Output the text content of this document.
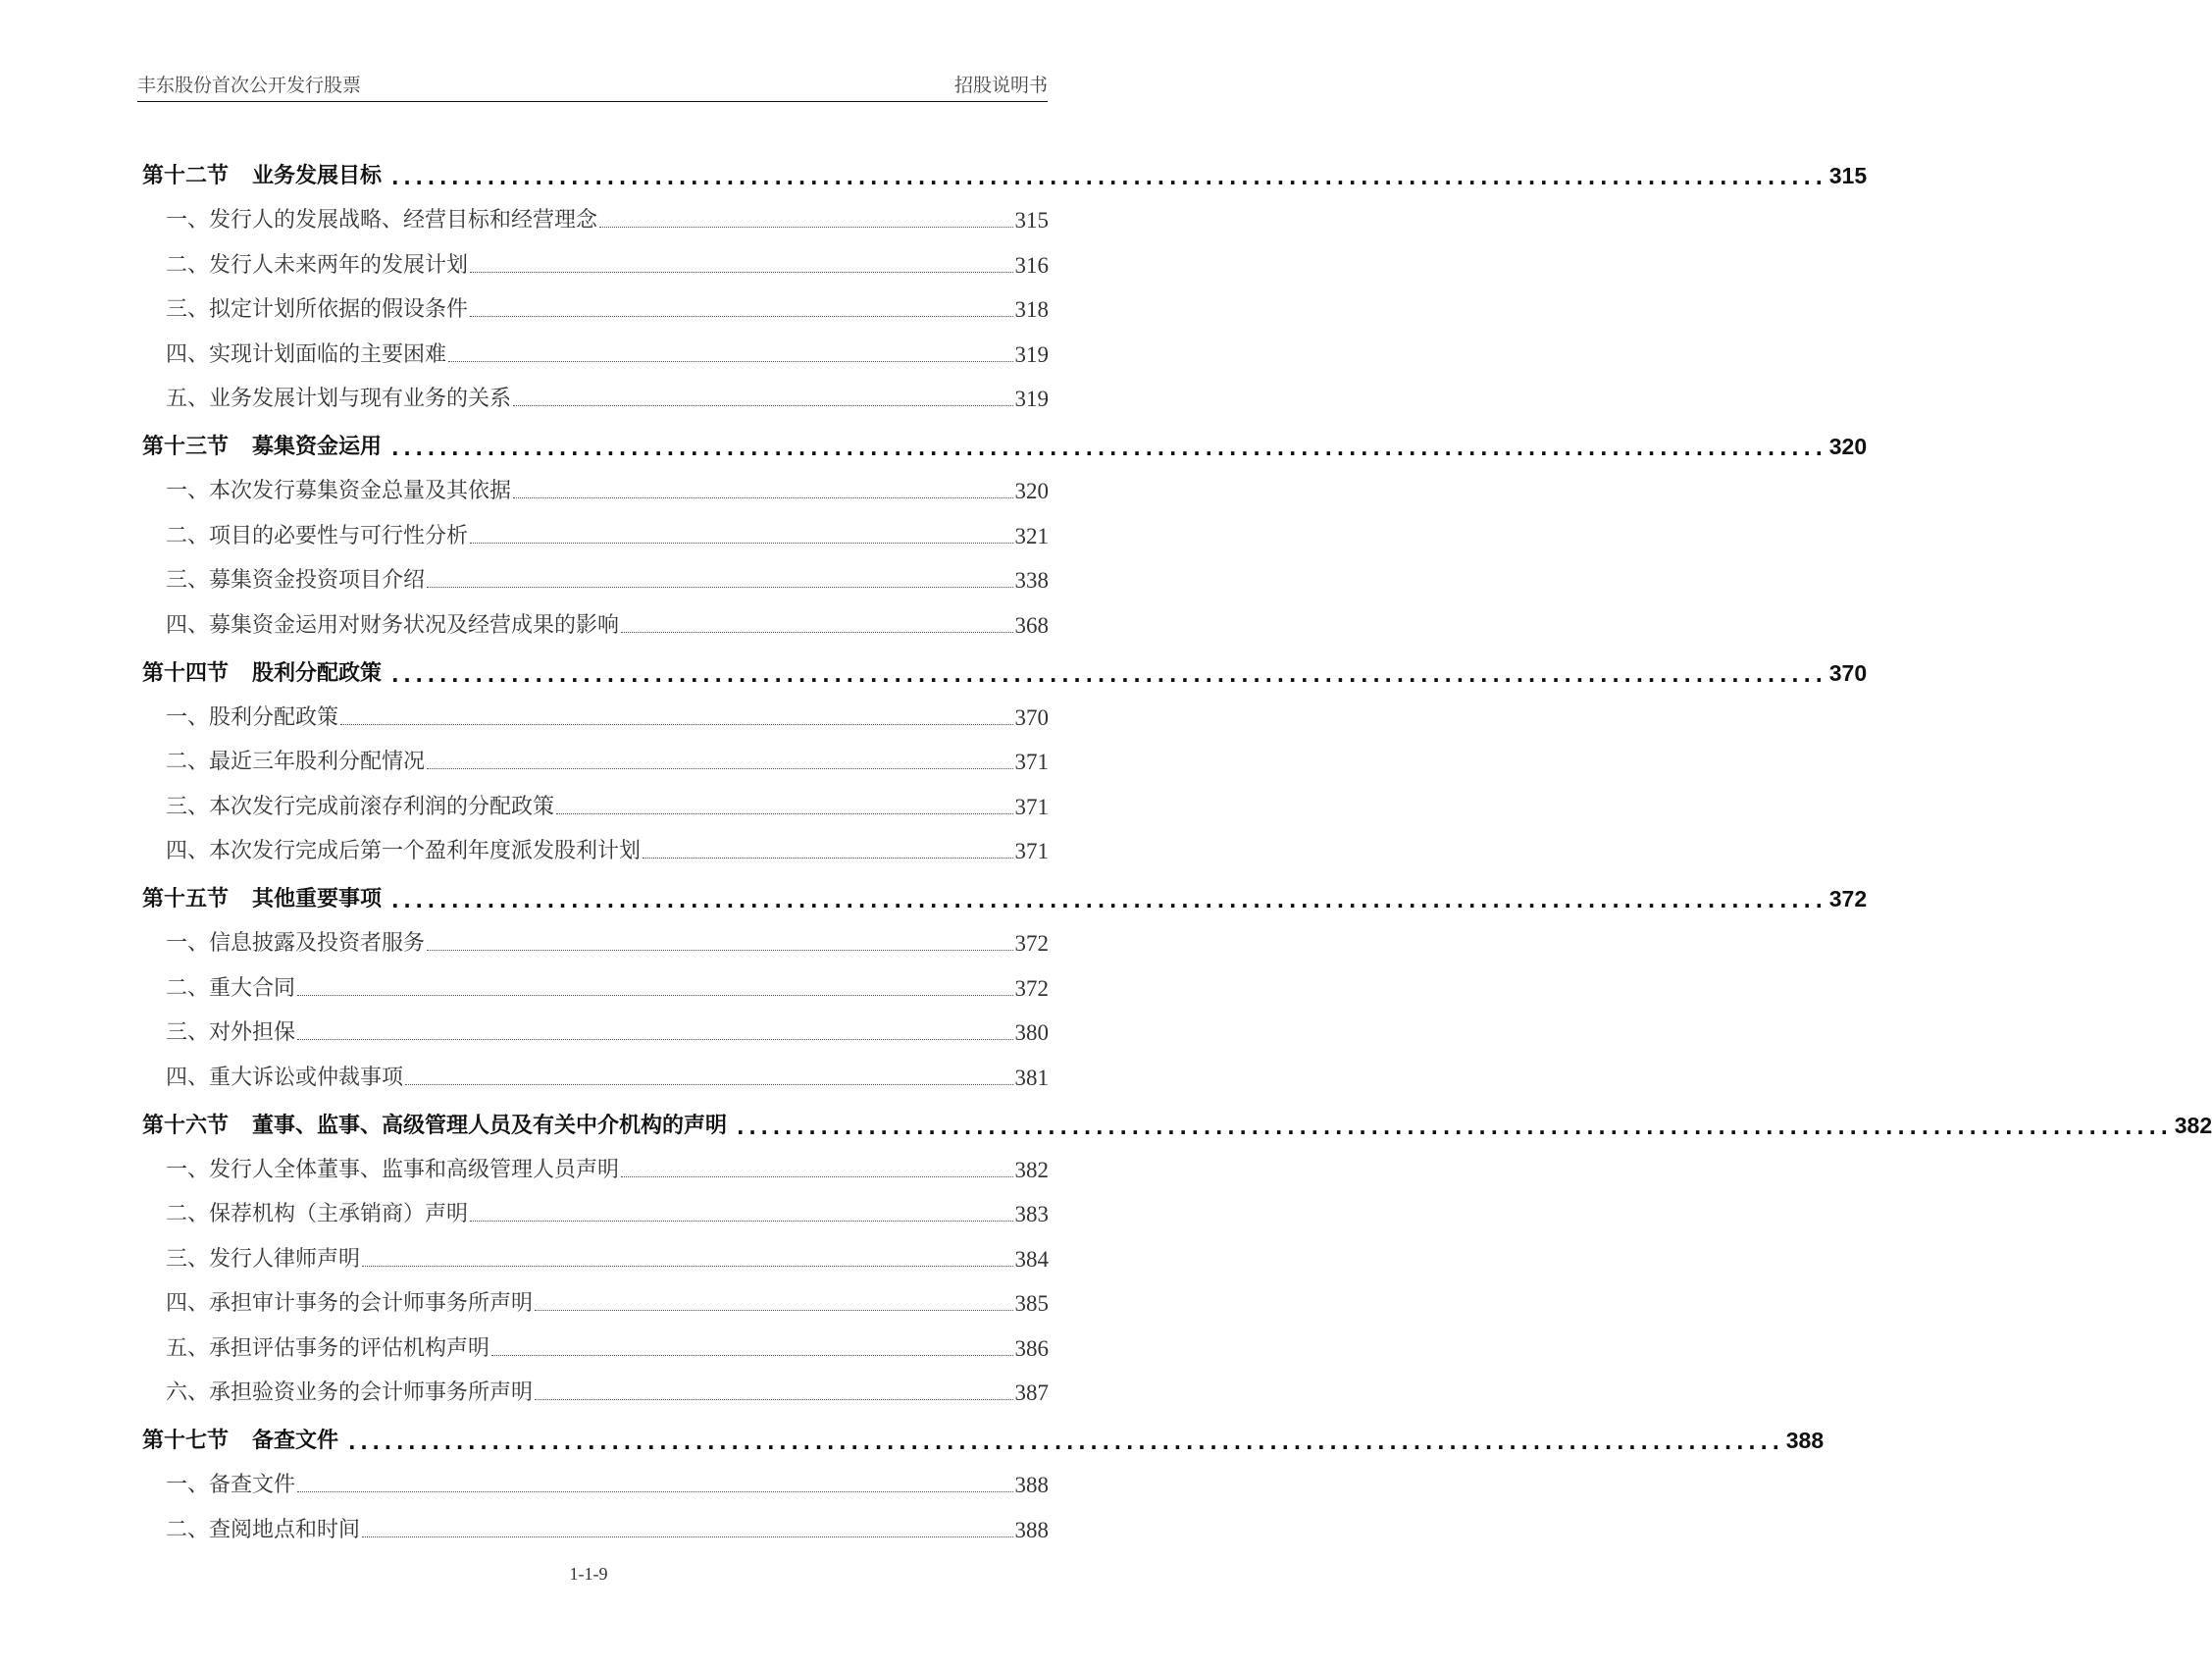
丰东股份首次公开发行股票	招股说明书
第十二节 业务发展目标 ........................................................................................................................ 315
一、发行人的发展战略、经营目标和经营理念	315
二、发行人未来两年的发展计划	316
三、拟定计划所依据的假设条件	318
四、实现计划面临的主要困难	319
五、业务发展计划与现有业务的关系	319
第十三节 募集资金运用 ........................................................................................................................ 320
一、本次发行募集资金总量及其依据	320
二、项目的必要性与可行性分析	321
三、募集资金投资项目介绍	338
四、募集资金运用对财务状况及经营成果的影响	368
第十四节 股利分配政策 ........................................................................................................................ 370
一、股利分配政策	370
二、最近三年股利分配情况	371
三、本次发行完成前滚存利润的分配政策	371
四、本次发行完成后第一个盈利年度派发股利计划	371
第十五节 其他重要事项 ........................................................................................................................ 372
一、信息披露及投资者服务	372
二、重大合同	372
三、对外担保	380
四、重大诉讼或仲裁事项	381
第十六节 董事、监事、高级管理人员及有关中介机构的声明 ........................................................................................................................ 382
一、发行人全体董事、监事和高级管理人员声明	382
二、保荐机构（主承销商）声明	383
三、发行人律师声明	384
四、承担审计事务的会计师事务所声明	385
五、承担评估事务的评估机构声明	386
六、承担验资业务的会计师事务所声明	387
第十七节 备查文件 ........................................................................................................................ 388
一、备查文件	388
二、查阅地点和时间	388
1-1-9
